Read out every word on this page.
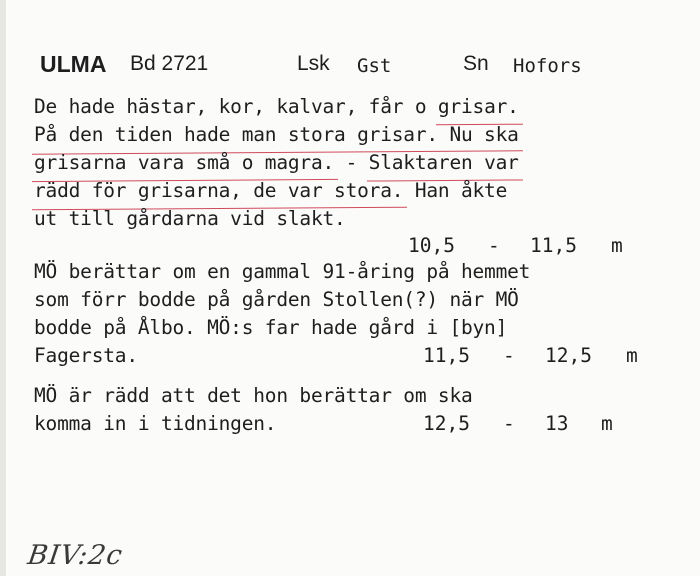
ULMA Bd 2721	Lsk Gst	Sn Hofors
De hade hästar, kor, kalvar, får o grisar.
På den tiden hade man stora grisar. Nu ska
grisarna vara små o magra. - Slaktaren var
rädd för grisarna, de var stora. Han åkte
ut till gårdarna vid slakt.
10,5 - 11,5 m
MÖ berättar om en gammal 91-åring på hemmet
som förr bodde på gården Stollen(?) när MÖ
bodde på Ålbo. MÖ:s far hade gård i [byn]
Fagersta.	11,5 - 12,5 m
MÖ är rädd att det hon berättar om ska
komma in i tidningen.	12,5 - 13 m
BIV:2c
